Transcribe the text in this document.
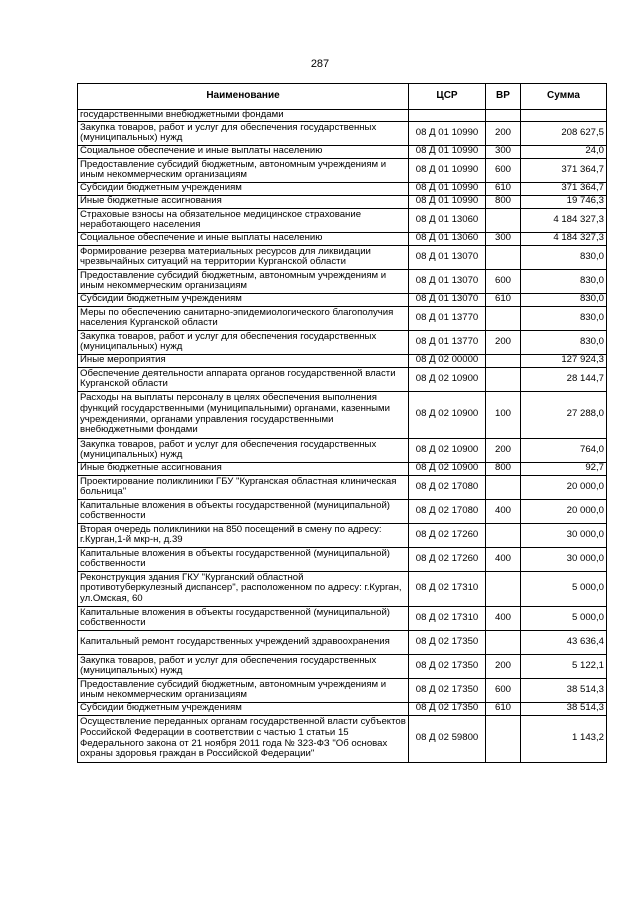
287
Наименование	ЦСР	ВР	Сумма
государственными внебюджетными фондами			
Закупка товаров, работ и услуг для обеспечения государственных (муниципальных) нужд	08 Д 01 10990	200	208 627,5
Социальное обеспечение и иные выплаты населению	08 Д 01 10990	300	24,0
Предоставление субсидий бюджетным, автономным учреждениям и иным некоммерческим организациям	08 Д 01 10990	600	371 364,7
Субсидии бюджетным учреждениям	08 Д 01 10990	610	371 364,7
Иные бюджетные ассигнования	08 Д 01 10990	800	19 746,3
Страховые взносы на обязательное медицинское страхование неработающего населения	08 Д 01 13060		4 184 327,3
Социальное обеспечение и иные выплаты населению	08 Д 01 13060	300	4 184 327,3
Формирование резерва материальных ресурсов для ликвидации чрезвычайных ситуаций на территории Курганской области	08 Д 01 13070		830,0
Предоставление субсидий бюджетным, автономным учреждениям и иным некоммерческим организациям	08 Д 01 13070	600	830,0
Субсидии бюджетным учреждениям	08 Д 01 13070	610	830,0
Меры по обеспечению санитарно-эпидемиологического благополучия населения Курганской области	08 Д 01 13770		830,0
Закупка товаров, работ и услуг для обеспечения государственных (муниципальных) нужд	08 Д 01 13770	200	830,0
Иные мероприятия	08 Д 02 00000		127 924,3
Обеспечение деятельности аппарата органов государственной власти Курганской области	08 Д 02 10900		28 144,7
Расходы на выплаты персоналу в целях обеспечения выполнения функций государственными (муниципальными) органами, казенными учреждениями, органами управления государственными внебюджетными фондами	08 Д 02 10900	100	27 288,0
Закупка товаров, работ и услуг для обеспечения государственных (муниципальных) нужд	08 Д 02 10900	200	764,0
Иные бюджетные ассигнования	08 Д 02 10900	800	92,7
Проектирование поликлиники ГБУ "Курганская областная клиническая больница"	08 Д 02 17080		20 000,0
Капитальные вложения в объекты государственной (муниципальной) собственности	08 Д 02 17080	400	20 000,0
Вторая очередь поликлиники на 850 посещений в смену по адресу: г.Курган,1-й мкр-н, д.39	08 Д 02 17260		30 000,0
Капитальные вложения в объекты государственной (муниципальной) собственности	08 Д 02 17260	400	30 000,0
Реконструкция здания ГКУ "Курганский областной противотуберкулезный диспансер", расположенном по адресу: г.Курган, ул.Омская, 60	08 Д 02 17310		5 000,0
Капитальные вложения в объекты государственной (муниципальной) собственности	08 Д 02 17310	400	5 000,0
Капитальный ремонт государственных учреждений здравоохранения	08 Д 02 17350		43 636,4
Закупка товаров, работ и услуг для обеспечения государственных (муниципальных) нужд	08 Д 02 17350	200	5 122,1
Предоставление субсидий бюджетным, автономным учреждениям и иным некоммерческим организациям	08 Д 02 17350	600	38 514,3
Субсидии бюджетным учреждениям	08 Д 02 17350	610	38 514,3
Осуществление переданных органам государственной власти субъектов Российской Федерации в соответствии с частью 1 статьи 15 Федерального закона от 21 ноября 2011 года № 323-ФЗ "Об основах охраны здоровья граждан в Российской Федерации"	08 Д 02 59800		1 143,2
